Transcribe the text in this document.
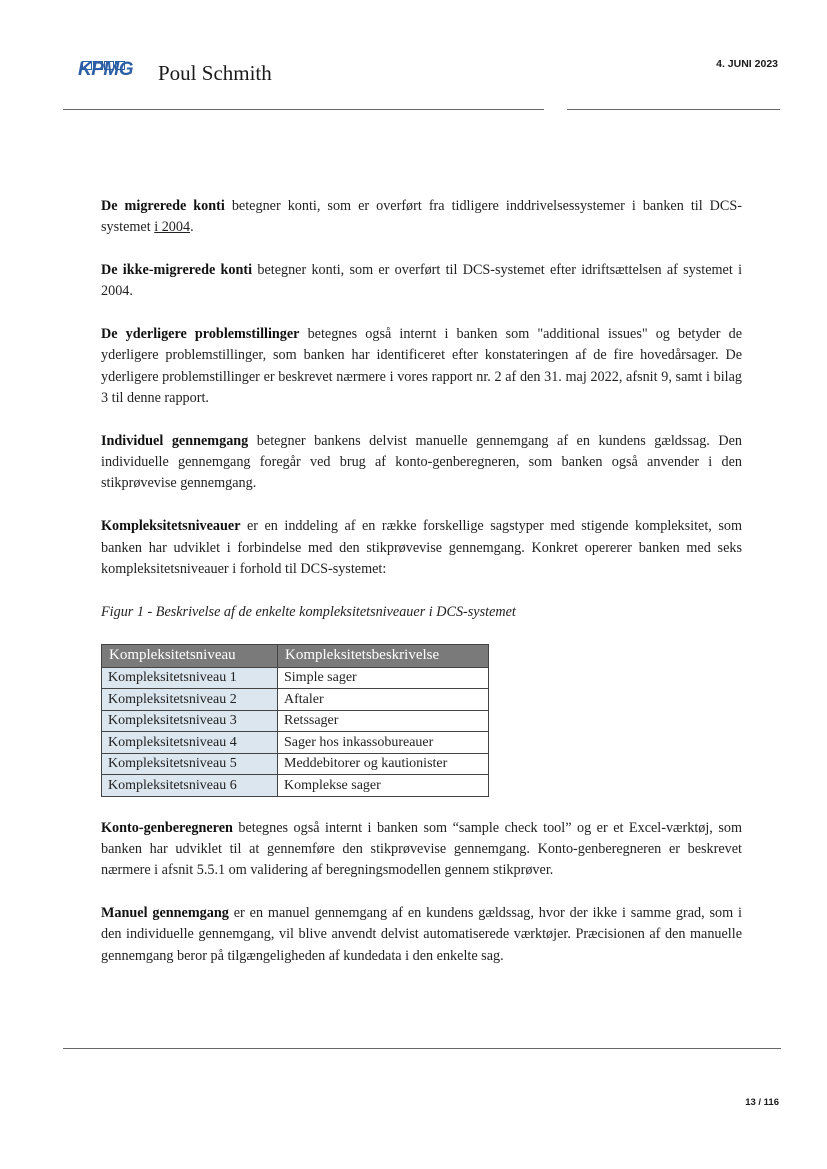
KPMG Poul Schmith	4. JUNI 2023

De migrerede konti betegner konti, som er overført fra tidligere inddrivelsessystemer i banken til DCS-systemet i 2004.

De ikke-migrerede konti betegner konti, som er overført til DCS-systemet efter idriftsættelsen af systemet i 2004.

De yderligere problemstillinger betegnes også internt i banken som "additional issues" og betyder de yderligere problemstillinger, som banken har identificeret efter konstateringen af de fire hovedårsager. De yderligere problemstillinger er beskrevet nærmere i vores rapport nr. 2 af den 31. maj 2022, afsnit 9, samt i bilag 3 til denne rapport.

Individuel gennemgang betegner bankens delvist manuelle gennemgang af en kundens gældssag. Den individuelle gennemgang foregår ved brug af konto-genberegneren, som banken også anvender i den stikprøvevise gennemgang.

Kompleksitetsniveauer er en inddeling af en række forskellige sagstyper med stigende kompleksitet, som banken har udviklet i forbindelse med den stikprøvevise gennemgang. Konkret opererer banken med seks kompleksitetsniveauer i forhold til DCS-systemet:

Figur 1 - Beskrivelse af de enkelte kompleksitetsniveauer i DCS-systemet

Kompleksitetsniveau	Kompleksitetsbeskrivelse
Kompleksitetsniveau 1	Simple sager
Kompleksitetsniveau 2	Aftaler
Kompleksitetsniveau 3	Retssager
Kompleksitetsniveau 4	Sager hos inkassobureauer
Kompleksitetsniveau 5	Meddebitorer og kautionister
Kompleksitetsniveau 6	Komplekse sager

Konto-genberegneren betegnes også internt i banken som “sample check tool” og er et Excel-værktøj, som banken har udviklet til at gennemføre den stikprøvevise gennemgang. Konto-genberegneren er beskrevet nærmere i afsnit 5.5.1 om validering af beregningsmodellen gennem stikprøver.

Manuel gennemgang er en manuel gennemgang af en kundens gældssag, hvor der ikke i samme grad, som i den individuelle gennemgang, vil blive anvendt delvist automatiserede værktøjer. Præcisionen af den manuelle gennemgang beror på tilgængeligheden af kundedata i den enkelte sag.

13 / 116
